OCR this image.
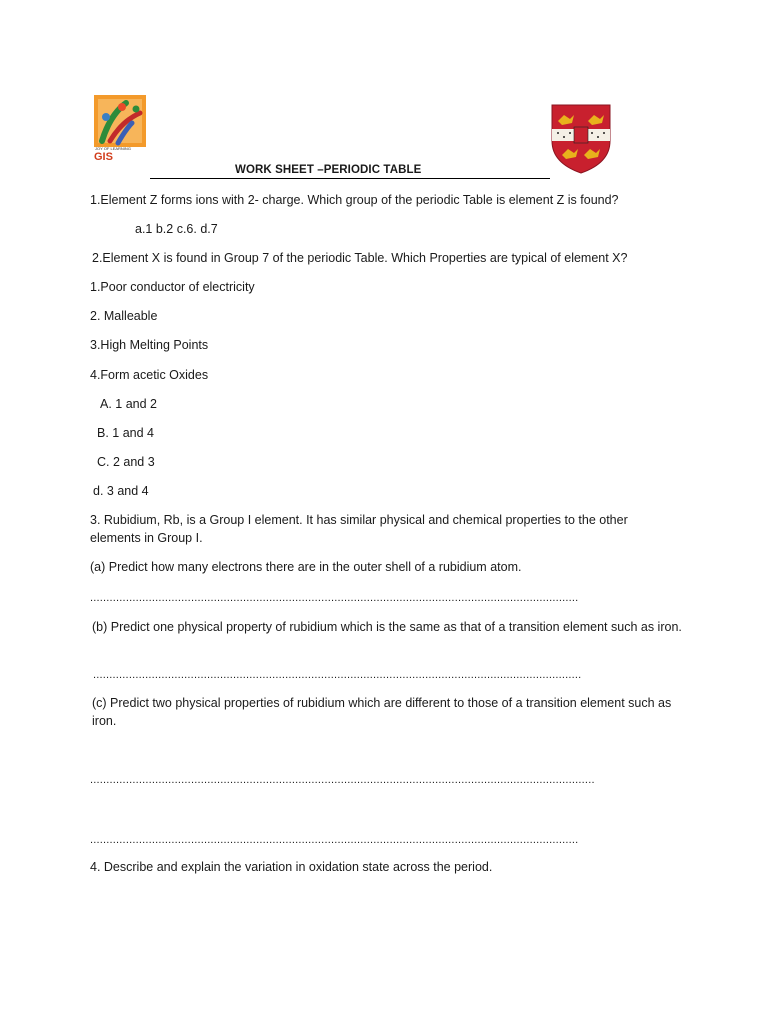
JOY OF LEARNING
GIS
WORK SHEET –PERIODIC TABLE
1.Element Z forms ions with 2- charge. Which group of the periodic Table is element Z is found?
a.1 b.2 c.6. d.7
2.Element X is found in Group 7 of the periodic Table. Which Properties are typical of element X?
1.Poor conductor of electricity
2. Malleable
3.High Melting Points
4.Form acetic Oxides
A. 1 and 2
B. 1 and 4
C. 2 and 3
d. 3 and 4
3. Rubidium, Rb, is a Group I element. It has similar physical and chemical properties to the other elements in Group I.
(a) Predict how many electrons there are in the outer shell of a rubidium atom.
......................................................................................................................................................
(b) Predict one physical property of rubidium which is the same as that of a transition element such as iron.
......................................................................................................................................................
(c) Predict two physical properties of rubidium which are different to those of a transition element such as iron.
...........................................................................................................................................................
......................................................................................................................................................
4. Describe and explain the variation in oxidation state across the period.
